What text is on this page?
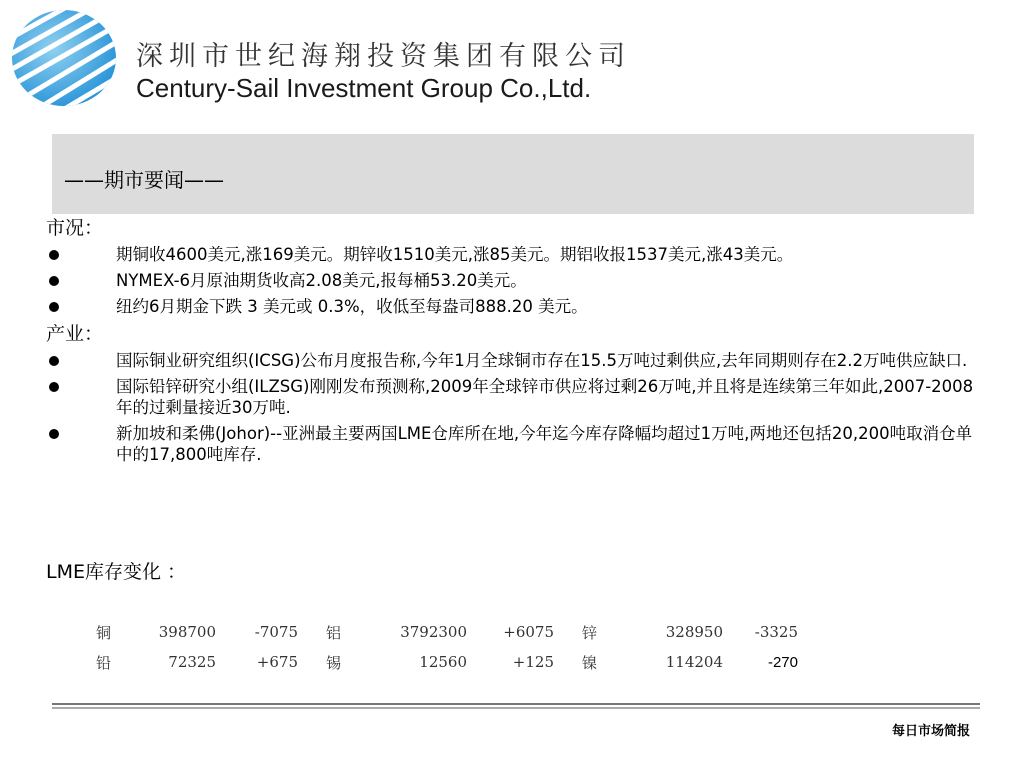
深圳市世纪海翔投资集团有限公司
Century-Sail Investment Group Co.,Ltd.
——期市要闻——
市况：
期铜收4600美元,涨169美元。期锌收1510美元,涨85美元。期铝收报1537美元,涨43美元。
NYMEX-6月原油期货收高2.08美元,报每桶53.20美元。
纽约6月期金下跌 3 美元或 0.3%，收低至每盎司888.20 美元。
产业：
国际铜业研究组织(ICSG)公布月度报告称,今年1月全球铜市存在15.5万吨过剩供应,去年同期则存在2.2万吨供应缺口.
国际铅锌研究小组(ILZSG)刚刚发布预测称,2009年全球锌市供应将过剩26万吨,并且将是连续第三年如此,2007-2008年的过剩量接近30万吨.
新加坡和柔佛(Johor)--亚洲最主要两国LME仓库所在地,今年迄今库存降幅均超过1万吨,两地还包括20,200吨取消仓单中的17,800吨库存.
LME库存变化 ：
铜	398700	-7075		铝	3792300	+6075		锌	328950	-3325
铅	72325	+675		锡	12560	+125		镍	114204	-270
每日市场简报
